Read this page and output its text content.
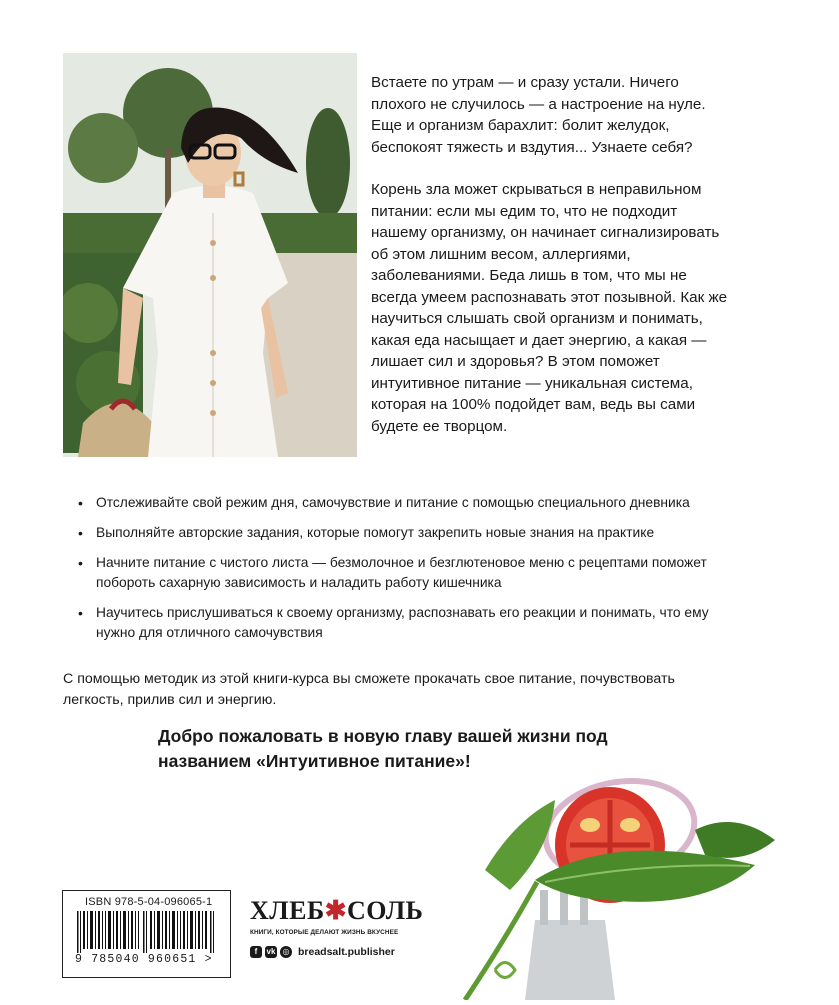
Встаете по утрам — и сразу устали. Ничего плохого не случилось — а настроение на нуле. Еще и организм барахлит: болит желудок, беспокоят тяжесть и вздутия... Узнаете себя?

Корень зла может скрываться в неправильном питании: если мы едим то, что не подходит нашему организму, он начинает сигнализировать об этом лишним весом, аллергиями, заболеваниями. Беда лишь в том, что мы не всегда умеем распознавать этот позывной. Как же научиться слышать свой организм и понимать, какая еда насыщает и дает энергию, а какая — лишает сил и здоровья? В этом поможет интуитивное питание — уникальная система, которая на 100% подойдет вам, ведь вы сами будете ее творцом.

• Отслеживайте свой режим дня, самочувствие и питание с помощью специального дневника
• Выполняйте авторские задания, которые помогут закрепить новые знания на практике
• Начните питание с чистого листа — безмолочное и безглютеновое меню с рецептами поможет побороть сахарную зависимость и наладить работу кишечника
• Научитесь прислушиваться к своему организму, распознавать его реакции и понимать, что ему нужно для отличного самочувствия

С помощью методик из этой книги-курса вы сможете прокачать свое питание, почувствовать легкость, прилив сил и энергию.

Добро пожаловать в новую главу вашей жизни под названием «Интуитивное питание»!

ISBN 978-5-04-096065-1
9 785040 960651 >
ХЛЕБ✱СОЛЬ
КНИГИ, КОТОРЫЕ ДЕЛАЮТ ЖИЗНЬ ВКУСНЕЕ
f	vk ◎ breadsalt.publisher
